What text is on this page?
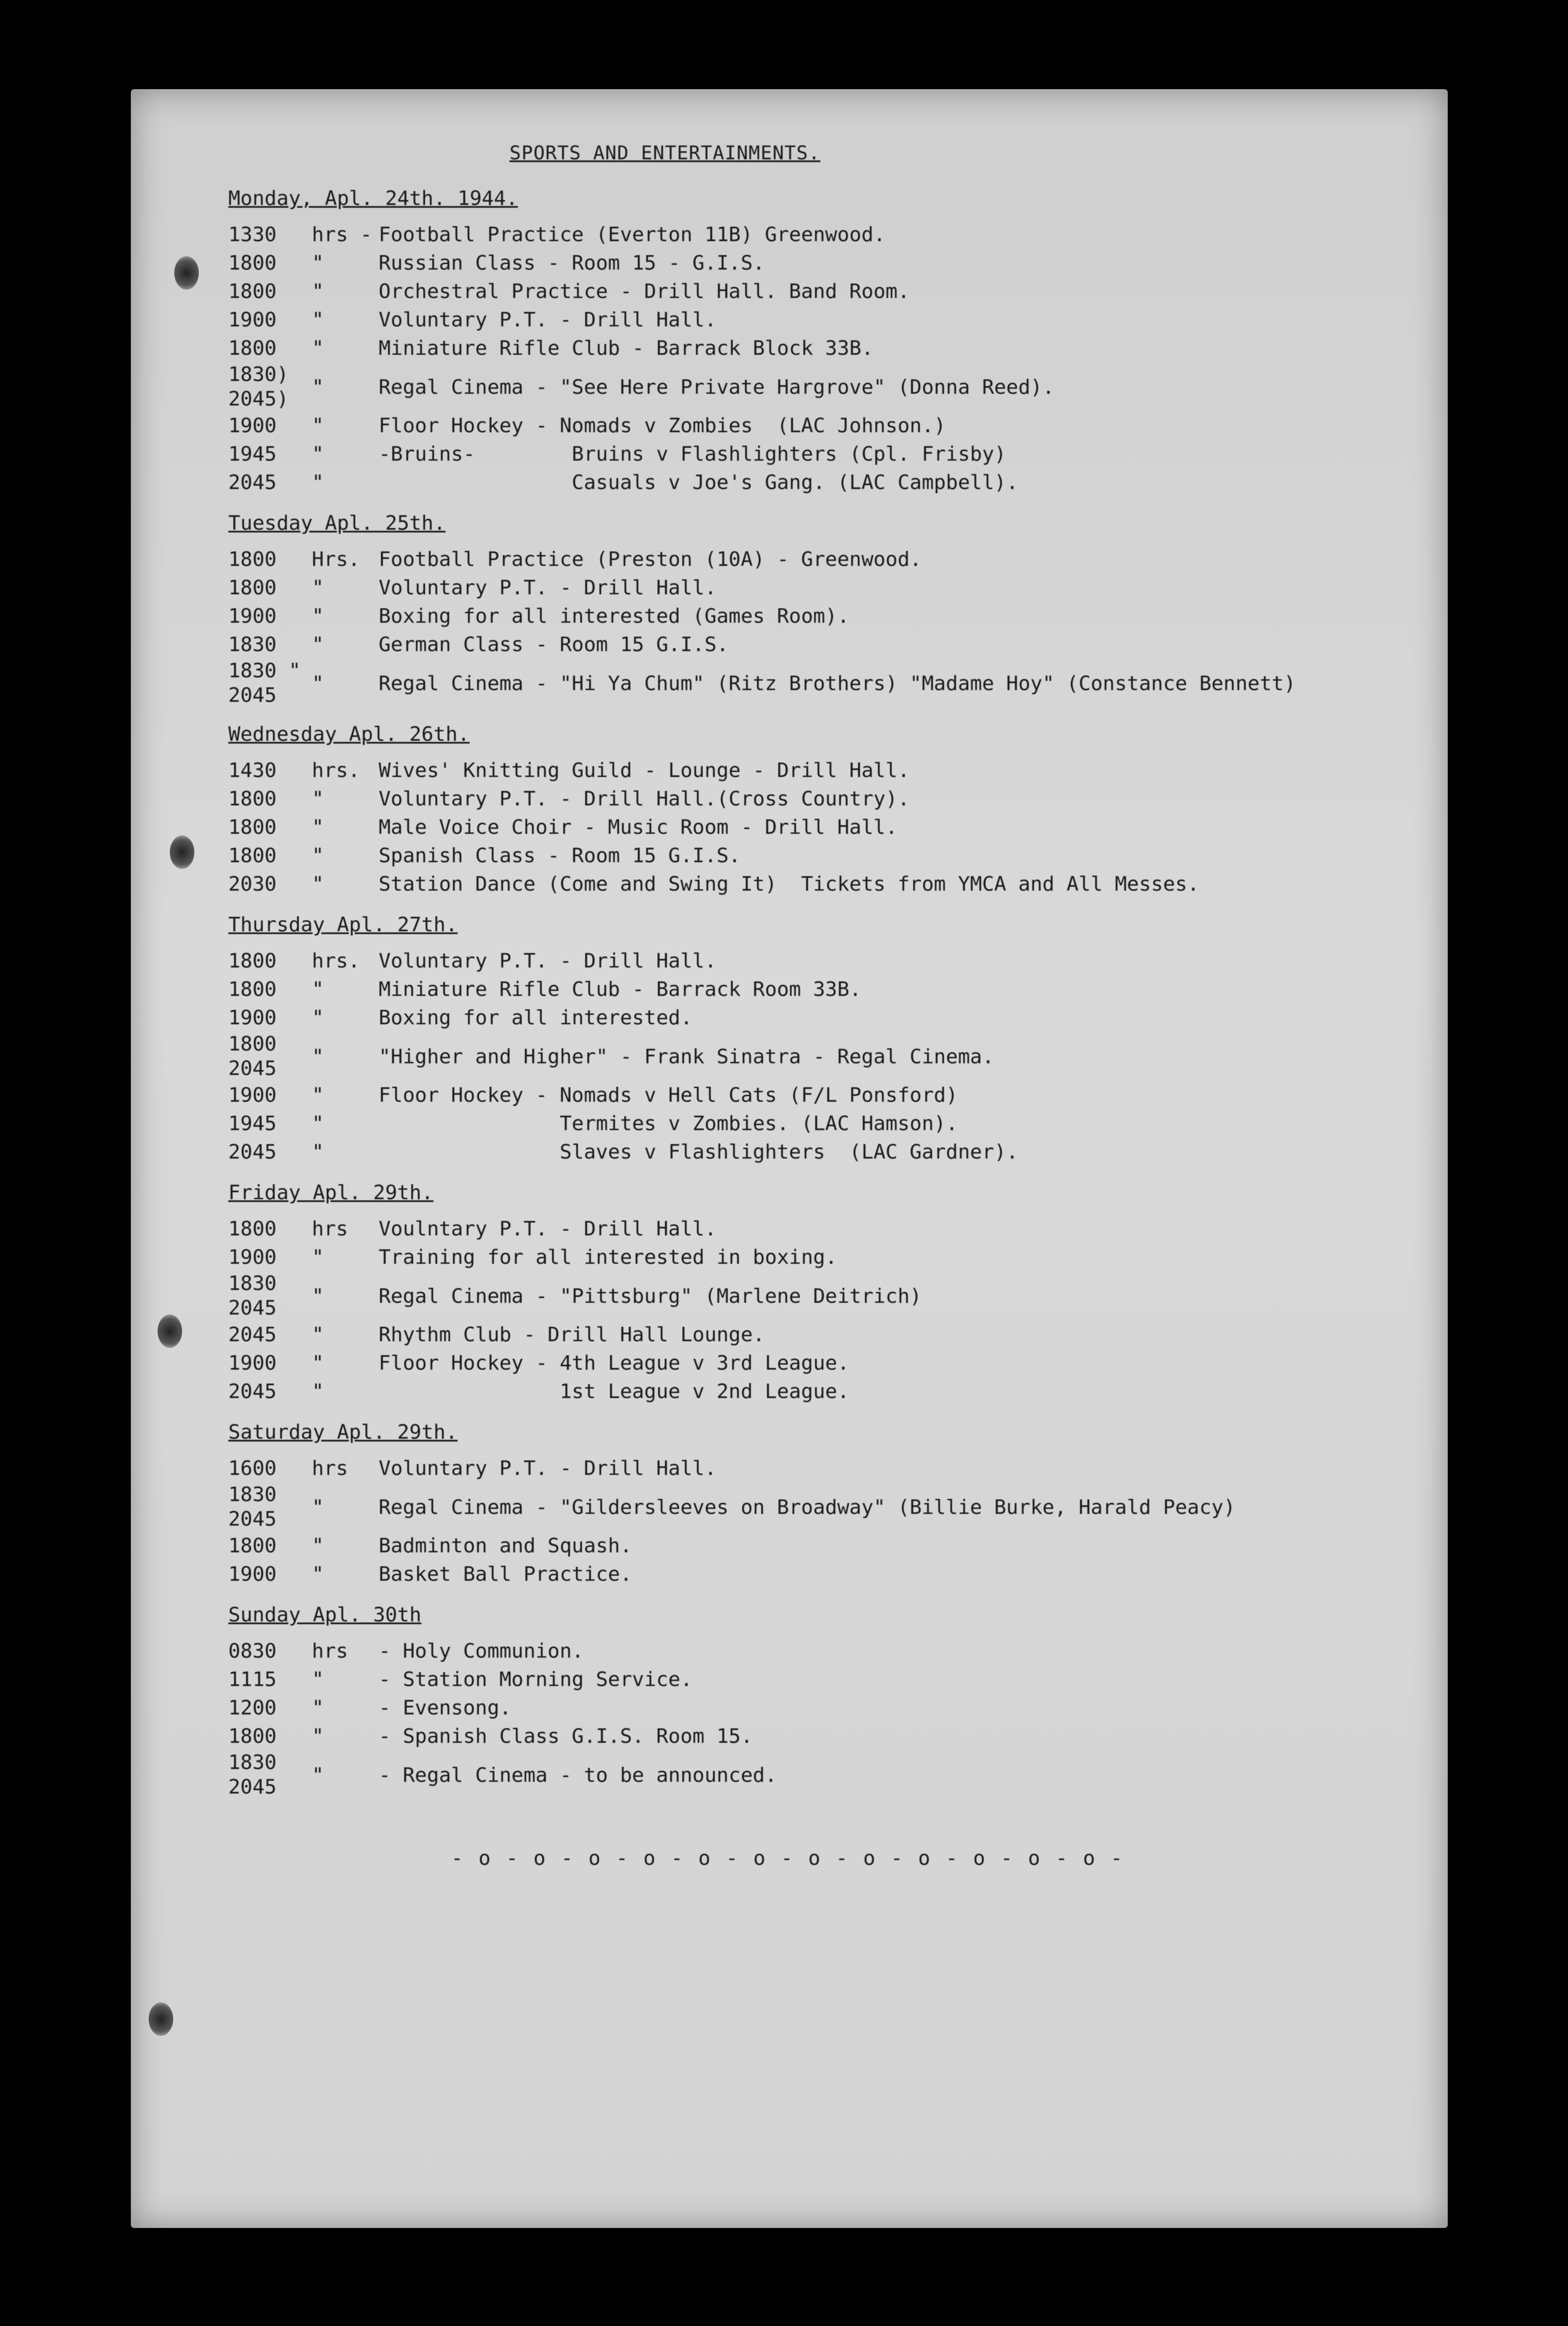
SPORTS AND ENTERTAINMENTS.
Monday, Apl. 24th. 1944.
1330	hrs - Football Practice (Everton 11B) Greenwood.
1800	"	Russian Class - Room 15 - G.I.S.
1800	"	Orchestral Practice - Drill Hall. Band Room.
1900	"	Voluntary P.T. - Drill Hall.
1800	"	Miniature Rifle Club - Barrack Block 33B.
1830)
2045)
"	Regal Cinema - "See Here Private Hargrove" (Donna Reed).
1900	"	Floor Hockey - Nomads v Zombies  (LAC Johnson.)
1945	"	-Bruins-        Bruins v Flashlighters (Cpl. Frisby)
2045	"	Casuals v Joe's Gang. (LAC Campbell).
Tuesday Apl. 25th.
1800	Hrs. Football Practice (Preston (10A) - Greenwood.
1800	"	Voluntary P.T. - Drill Hall.
1900	"	Boxing for all interested (Games Room).
1830	"	German Class - Room 15 G.I.S.
1830 "
2045
"	Regal Cinema - "Hi Ya Chum" (Ritz Brothers) "Madame Hoy" (Constance Bennett)
Wednesday Apl. 26th.
1430	hrs. Wives' Knitting Guild - Lounge - Drill Hall.
1800	"	Voluntary P.T. - Drill Hall.(Cross Country).
1800	"	Male Voice Choir - Music Room - Drill Hall.
1800	"	Spanish Class - Room 15 G.I.S.
2030	"	Station Dance (Come and Swing It)  Tickets from YMCA and All Messes.
Thursday Apl. 27th.
1800	hrs. Voluntary P.T. - Drill Hall.
1800	"	Miniature Rifle Club - Barrack Room 33B.
1900	"	Boxing for all interested.
1800
2045
"	"Higher and Higher" - Frank Sinatra - Regal Cinema.
1900	"	Floor Hockey - Nomads v Hell Cats (F/L Ponsford)
1945	"	Termites v Zombies. (LAC Hamson).
2045	"	Slaves v Flashlighters  (LAC Gardner).
Friday Apl. 29th.
1800	hrs	Voulntary P.T. - Drill Hall.
1900	"	Training for all interested in boxing.
1830
2045
"	Regal Cinema - "Pittsburg" (Marlene Deitrich)
2045	"	Rhythm Club - Drill Hall Lounge.
1900	"	Floor Hockey - 4th League v 3rd League.
2045	"	1st League v 2nd League.
Saturday Apl. 29th.
1600	hrs	Voluntary P.T. - Drill Hall.
1830
2045
"	Regal Cinema - "Gildersleeves on Broadway" (Billie Burke, Harald Peacy)
1800	"	Badminton and Squash.
1900	"	Basket Ball Practice.
Sunday Apl. 30th
0830	hrs	- Holy Communion.
1115	"	- Station Morning Service.
1200	"	- Evensong.
1800	"	- Spanish Class G.I.S. Room 15.
1830
2045
"	- Regal Cinema - to be announced.
- o - o - o - o - o - o - o - o - o - o - o - o -
